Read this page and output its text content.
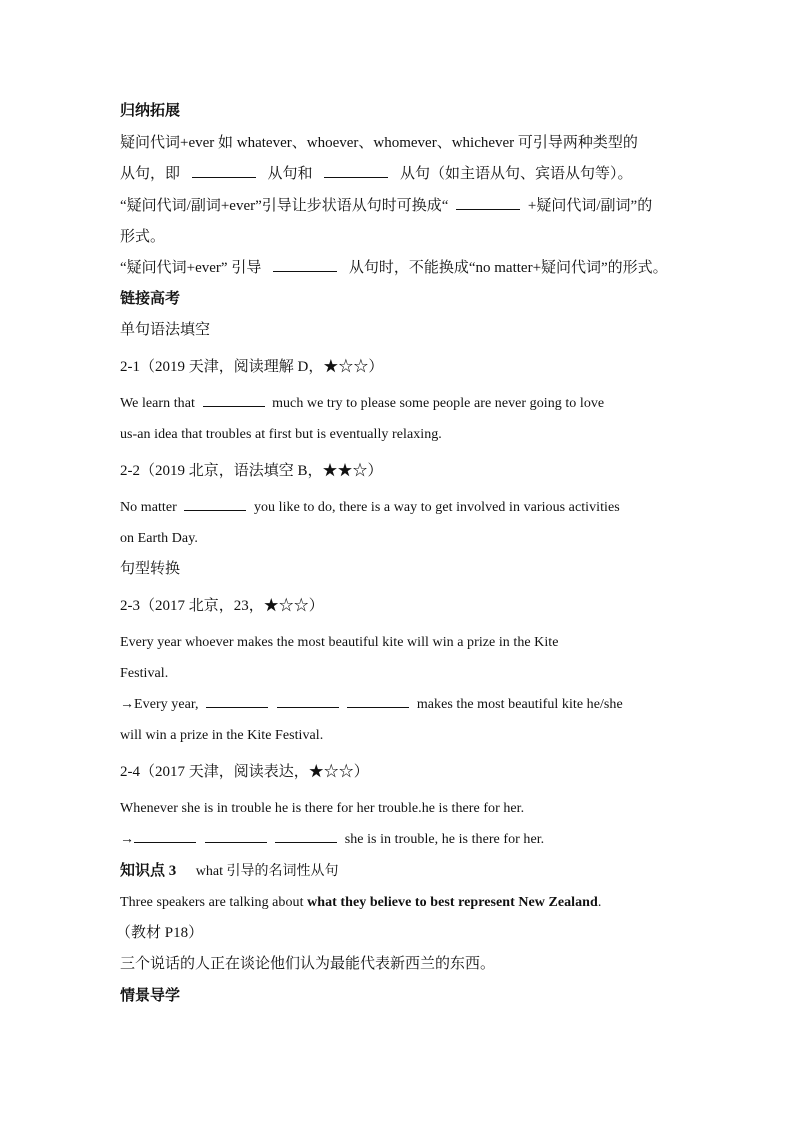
归纳拓展
疑问代词+ever 如 whatever、whoever、whomever、whichever 可引导两种类型的
从句，即	从句和	从句（如主语从句、宾语从句等）。
“疑问代词/副词+ever”引导让步状语从句时可换成“	+疑问代词/副词”的
形式。
“疑问代词+ever” 引导	从句时，不能换成“no matter+疑问代词”的形式。
链接高考
单句语法填空
2-1（2019 天津，阅读理解 D，★☆☆）
We learn that	much we try to please some people are never going to love
us-an idea that troubles at first but is eventually relaxing.
2-2（2019 北京，语法填空 B，★★☆）
No matter	you like to do, there is a way to get involved in various activities
on Earth Day.
句型转换
2-3（2017 北京，23，★☆☆）
Every year whoever makes the most beautiful kite will win a prize in the Kite
Festival.
→Every year,	makes the most beautiful kite he/she
will win a prize in the Kite Festival.
2-4（2017 天津，阅读表达，★☆☆）
Whenever she is in trouble he is there for her trouble.he is there for her.
→	she is in trouble, he is there for her.
知识点 3 what 引导的名词性从句
Three speakers are talking about what they believe to best represent New Zealand.
（教材 P18）
三个说话的人正在谈论他们认为最能代表新西兰的东西。
情景导学
